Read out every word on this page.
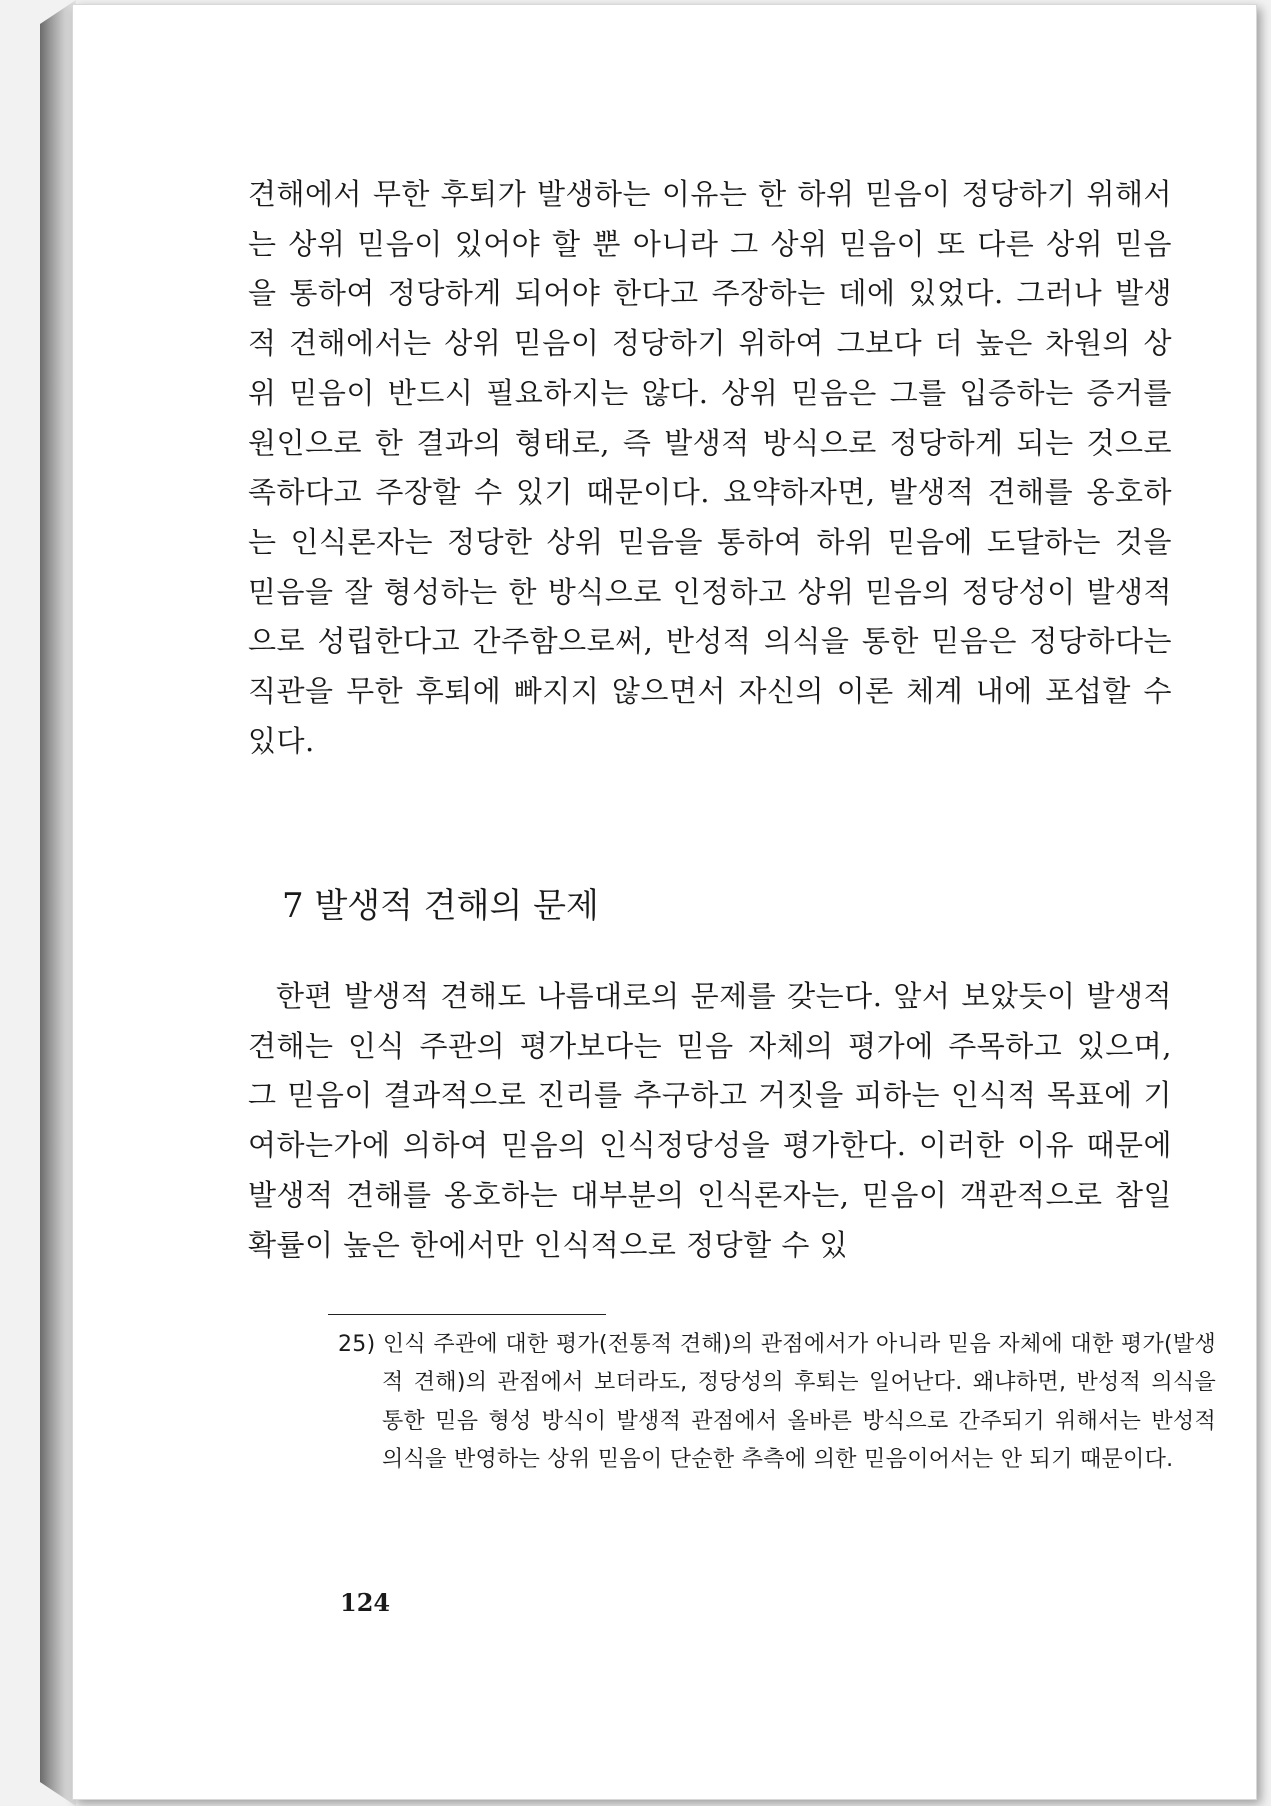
견해에서 무한 후퇴가 발생하는 이유는 한 하위 믿음이 정당하기 위해서는 상위 믿음이 있어야 할 뿐 아니라 그 상위 믿음이 또 다른 상위 믿음을 통하여 정당하게 되어야 한다고 주장하는 데에 있었다. 그러나 발생적 견해에서는 상위 믿음이 정당하기 위하여 그보다 더 높은 차원의 상위 믿음이 반드시 필요하지는 않다. 상위 믿음은 그를 입증하는 증거를 원인으로 한 결과의 형태로, 즉 발생적 방식으로 정당하게 되는 것으로 족하다고 주장할 수 있기 때문이다. 요약하자면, 발생적 견해를 옹호하는 인식론자는 정당한 상위 믿음을 통하여 하위 믿음에 도달하는 것을 믿음을 잘 형성하는 한 방식으로 인정하고 상위 믿음의 정당성이 발생적으로 성립한다고 간주함으로써, 반성적 의식을 통한 믿음은 정당하다는 직관을 무한 후퇴에 빠지지 않으면서 자신의 이론 체계 내에 포섭할 수 있다.

7 발생적 견해의 문제

한편 발생적 견해도 나름대로의 문제를 갖는다. 앞서 보았듯이 발생적 견해는 인식 주관의 평가보다는 믿음 자체의 평가에 주목하고 있으며, 그 믿음이 결과적으로 진리를 추구하고 거짓을 피하는 인식적 목표에 기여하는가에 의하여 믿음의 인식정당성을 평가한다. 이러한 이유 때문에 발생적 견해를 옹호하는 대부분의 인식론자는, 믿음이 객관적으로 참일 확률이 높은 한에서만 인식적으로 정당할 수 있

25) 인식 주관에 대한 평가(전통적 견해)의 관점에서가 아니라 믿음 자체에 대한 평가(발생적 견해)의 관점에서 보더라도, 정당성의 후퇴는 일어난다. 왜냐하면, 반성적 의식을 통한 믿음 형성 방식이 발생적 관점에서 올바른 방식으로 간주되기 위해서는 반성적 의식을 반영하는 상위 믿음이 단순한 추측에 의한 믿음이어서는 안 되기 때문이다.

124
